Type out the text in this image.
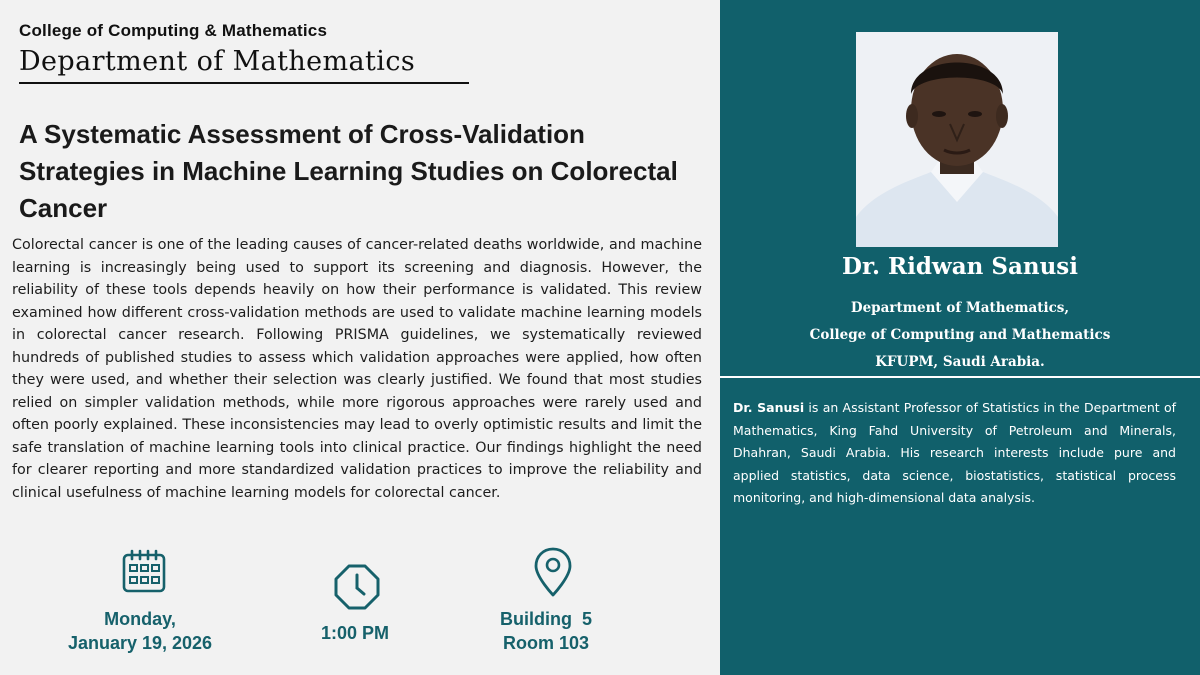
College of Computing & Mathematics
Department of Mathematics
A Systematic Assessment of Cross-Validation Strategies in Machine Learning Studies on Colorectal Cancer

Colorectal cancer is one of the leading causes of cancer-related deaths worldwide, and machine learning is increasingly being used to support its screening and diagnosis. However, the reliability of these tools depends heavily on how their performance is validated. This review examined how different cross-validation methods are used to validate machine learning models in colorectal cancer research. Following PRISMA guidelines, we systematically reviewed hundreds of published studies to assess which validation approaches were applied, how often they were used, and whether their selection was clearly justified. We found that most studies relied on simpler validation methods, while more rigorous approaches were rarely used and often poorly explained. These inconsistencies may lead to overly optimistic results and limit the safe translation of machine learning tools into clinical practice. Our findings highlight the need for clearer reporting and more standardized validation practices to improve the reliability and clinical usefulness of machine learning models for colorectal cancer.

Monday,
January 19, 2026	1:00 PM
Building  5
Room 103
Dr. Ridwan Sanusi
Department of Mathematics,
College of Computing and Mathematics
KFUPM, Saudi Arabia.

Dr. Sanusi is an Assistant Professor of Statistics in the Department of Mathematics, King Fahd University of Petroleum and Minerals, Dhahran, Saudi Arabia. His research interests include pure and applied statistics, data science, biostatistics, statistical process monitoring, and high-dimensional data analysis.
